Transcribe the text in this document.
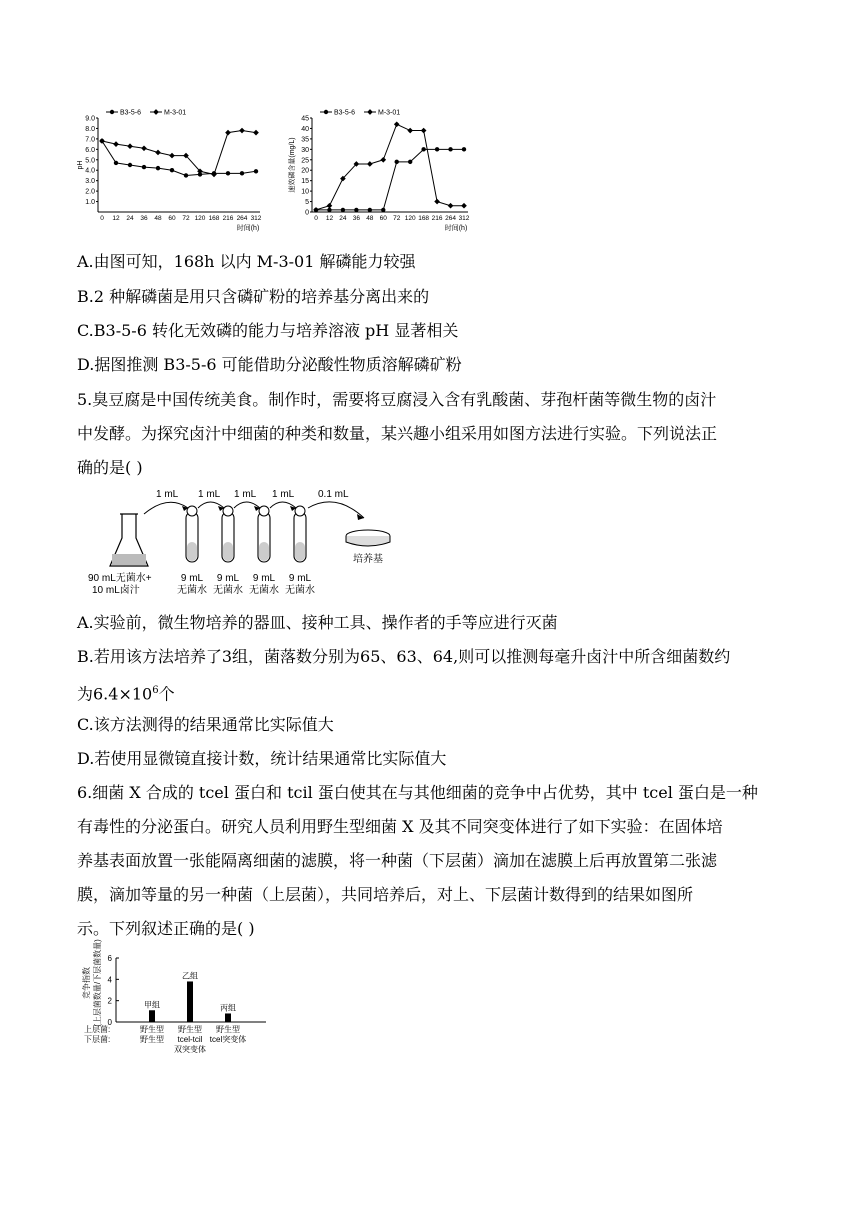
1.0
2.0
3.0
4.0
5.0
6.0
7.0
8.0
9.0
0 12 24 36 48 60 72 120 168 216 264 312
时间(h)
pH
B3-5-6	M-3-01
0
5
10
15
20
25
30
35
40
45
0 12 24 36 48 60 72 120 168 216 264 312
时间(h)
速效磷含量(mg/L)
B3-5-6	M-3-01
A.由图可知，168h 以内 M-3-01 解磷能力较强
B.2 种解磷菌是用只含磷矿粉的培养基分离出来的
C.B3-5-6 转化无效磷的能力与培养溶液 pH 显著相关
D.据图推测 B3-5-6 可能借助分泌酸性物质溶解磷矿粉
5.臭豆腐是中国传统美食。制作时，需要将豆腐浸入含有乳酸菌、芽孢杆菌等微生物的卤汁
中发酵。为探究卤汁中细菌的种类和数量，某兴趣小组采用如图方法进行实验。下列说法正
确的是( )
1 mL 1 mL 1 mL 1 mL 0.1 mL
9 mL
无菌水
9 mL
无菌水
9 mL
无菌水
9 mL
无菌水
培养基
90 mL无菌水+
10 mL卤汁
A.实验前，微生物培养的器皿、接种工具、操作者的手等应进行灭菌
B.若用该方法培养了3组，菌落数分别为65、63、64,则可以推测每毫升卤汁中所含细菌数约
为$6.4\times 10^6$个
C.该方法测得的结果通常比实际值大
D.若使用显微镜直接计数，统计结果通常比实际值大
6.细菌 X 合成的 tcel 蛋白和 tcil 蛋白使其在与其他细菌的竞争中占优势，其中 tcel 蛋白是一种
有毒性的分泌蛋白。研究人员利用野生型细菌 X 及其不同突变体进行了如下实验：在固体培
养基表面放置一张能隔离细菌的滤膜，将一种菌（下层菌）滴加在滤膜上后再放置第二张滤
膜，滴加等量的另一种菌（上层菌），共同培养后，对上、下层菌计数得到的结果如图所
示。下列叙述正确的是( )
竞争指数 (上层菌数量/下层菌数量) 0
2
4
6
甲组
野生型
野生型
乙组
野生型
tcel-tcil
双突变体
丙组
野生型
tcel突变体
上层菌:
下层菌:
